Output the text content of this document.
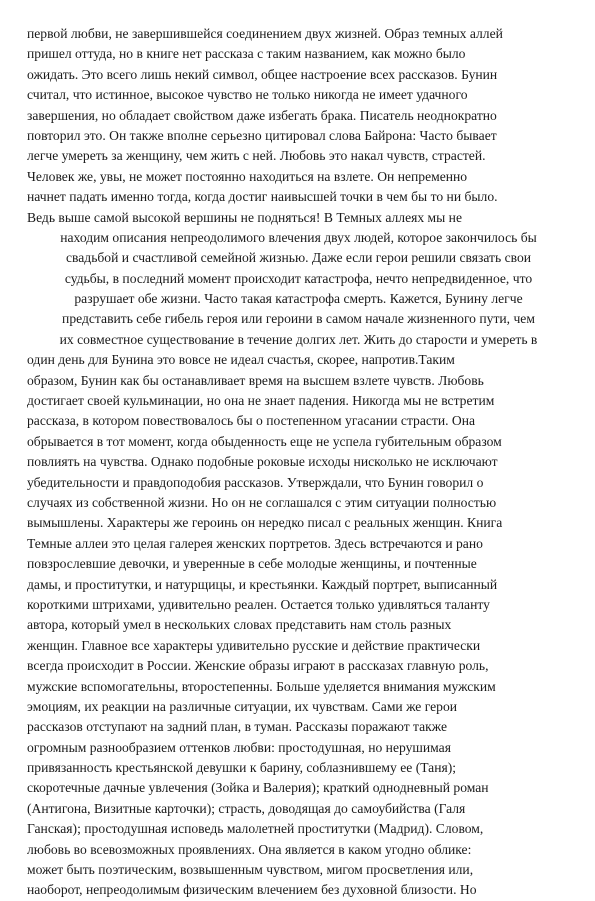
первой любви, не завершившейся соединением двух жизней. Образ темных аллей
пришел оттуда, но в книге нет рассказа с таким названием, как можно было
ожидать. Это всего лишь некий символ, общее настроение всех рассказов. Бунин
считал, что истинное, высокое чувство не только никогда не имеет удачного
завершения, но обладает свойством даже избегать брака. Писатель неоднократно
повторил это. Он также вполне серьезно цитировал слова Байрона: Часто бывает
легче умереть за женщину, чем жить с ней. Любовь это накал чувств, страстей.
Человек же, увы, не может постоянно находиться на взлете. Он непременно
начнет падать именно тогда, когда достиг наивысшей точки в чем бы то ни было.
Ведь выше самой высокой вершины не подняться! В Темных аллеях мы не
находим описания непреодолимого влечения двух людей, которое закончилось бы
свадьбой и счастливой семейной жизнью. Даже если герои решили связать свои
судьбы, в последний момент происходит катастрофа, нечто непредвиденное, что
разрушает обе жизни. Часто такая катастрофа смерть. Кажется, Бунину легче
представить себе гибель героя или героини в самом начале жизненного пути, чем
их совместное существование в течение долгих лет. Жить до старости и умереть в
один день для Бунина это вовсе не идеал счастья, скорее, напротив.Таким
образом, Бунин как бы останавливает время на высшем взлете чувств. Любовь
достигает своей кульминации, но она не знает падения. Никогда мы не встретим
рассказа, в котором повествовалось бы о постепенном угасании страсти. Она
обрывается в тот момент, когда обыденность еще не успела губительным образом
повлиять на чувства. Однако подобные роковые исходы нисколько не исключают
убедительности и правдоподобия рассказов. Утверждали, что Бунин говорил о
случаях из собственной жизни. Но он не соглашался с этим ситуации полностью
вымышлены. Характеры же героинь он нередко писал с реальных женщин. Книга
Темные аллеи это целая галерея женских портретов. Здесь встречаются и рано
повзрослевшие девочки, и уверенные в себе молодые женщины, и почтенные
дамы, и проститутки, и натурщицы, и крестьянки. Каждый портрет, выписанный
короткими штрихами, удивительно реален. Остается только удивляться таланту
автора, который умел в нескольких словах представить нам столь разных
женщин. Главное все характеры удивительно русские и действие практически
всегда происходит в России. Женские образы играют в рассказах главную роль,
мужские вспомогательны, второстепенны. Больше уделяется внимания мужским
эмоциям, их реакции на различные ситуации, их чувствам. Сами же герои
рассказов отступают на задний план, в туман. Рассказы поражают также
огромным разнообразием оттенков любви: простодушная, но нерушимая
привязанность крестьянской девушки к барину, соблазнившему ее (Таня);
скоротечные дачные увлечения (Зойка и Валерия); краткий однодневный роман
(Антигона, Визитные карточки); страсть, доводящая до самоубийства (Галя
Ганская); простодушная исповедь малолетней проститутки (Мадрид). Словом,
любовь во всевозможных проявлениях. Она является в каком угодно облике:
может быть поэтическим, возвышенным чувством, мигом просветления или,
наоборот, непреодолимым физическим влечением без духовной близости. Но
